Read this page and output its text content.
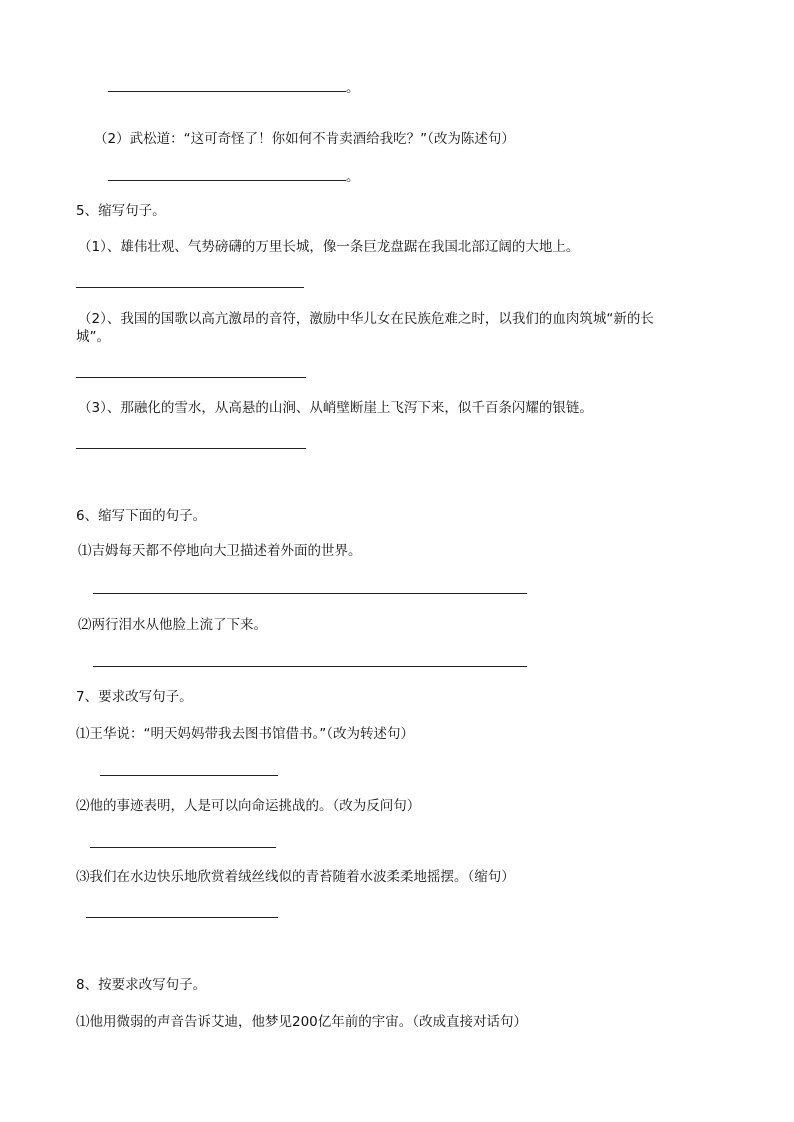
。
（2）武松道：“这可奇怪了！你如何不肯卖酒给我吃？”（改为陈述句）
。
5、缩写句子。
（1）、雄伟壮观、气势磅礴的万里长城，像一条巨龙盘踞在我国北部辽阔的大地上。
（2）、我国的国歌以高亢激昂的音符，激励中华儿女在民族危难之时，以我们的血肉筑城“新的长
城”。
（3）、那融化的雪水，从高悬的山涧、从峭壁断崖上飞泻下来，似千百条闪耀的银链。
6、缩写下面的句子。
⑴吉姆每天都不停地向大卫描述着外面的世界。
⑵两行泪水从他脸上流了下来。
7、要求改写句子。
⑴王华说：“明天妈妈带我去图书馆借书。”（改为转述句）
⑵他的事迹表明，人是可以向命运挑战的。（改为反问句）
⑶我们在水边快乐地欣赏着绒丝线似的青苔随着水波柔柔地摇摆。（缩句）
8、按要求改写句子。
⑴他用微弱的声音告诉艾迪，他梦见200亿年前的宇宙。（改成直接对话句）
